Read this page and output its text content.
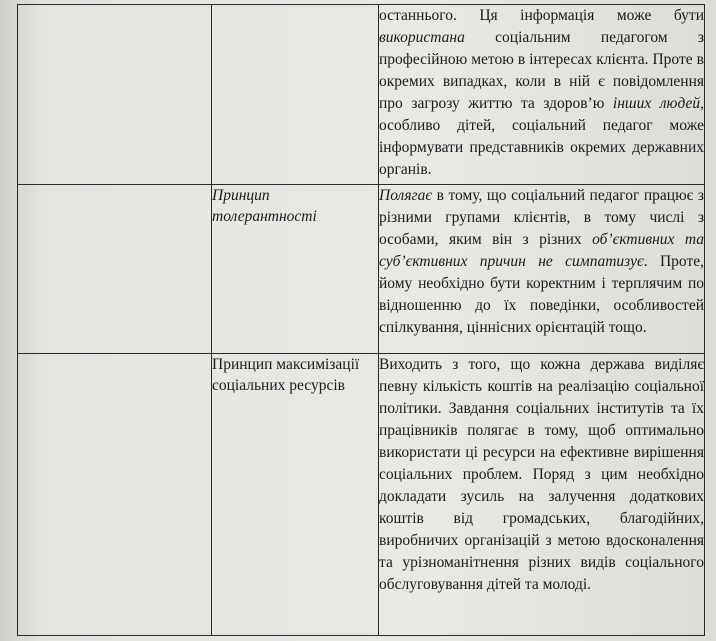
		останнього. Ця інформація може бути використана соціальним педагогом з професійною метою в інтересах клієнта. Проте в окремих випадках, коли в ній є повідомлення про загрозу життю та здоров’ю інших людей, особливо дітей, соціальний педагог може інформувати представників окремих державних органів.
	Принцип толерантності	Полягає в тому, що соціальний педагог працює з різними групами клієнтів, в тому числі з особами, яким він з різних об’єктивних та суб’єктивних причин не симпатизує. Проте, йому необхідно бути коректним і терплячим по відношенню до їх поведінки, особливостей спілкування, ціннісних орієнтацій тощо.
	Принцип максимізації соціальних ресурсів	Виходить з того, що кожна держава виділяє певну кількість коштів на реалізацію соціальної політики. Завдання соціальних інститутів та їх працівників полягає в тому, щоб оптимально використати ці ресурси на ефективне вирішення соціальних проблем. Поряд з цим необхідно докладати зусиль на залучення додаткових коштів від громадських, благодійних, виробничих організацій з метою вдосконалення та урізноманітнення різних видів соціального обслуговування дітей та молоді.
